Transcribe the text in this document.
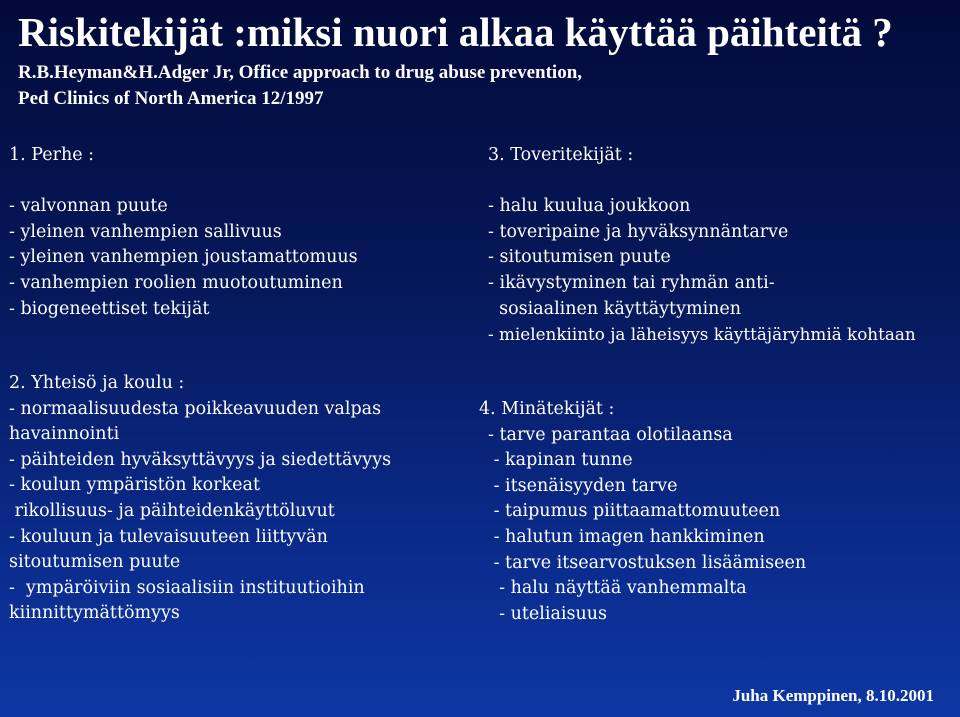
Riskitekijät :miksi nuori alkaa käyttää päihteitä ?
R.B.Heyman&H.Adger Jr, Office approach to drug abuse prevention,
Ped Clinics of North America 12/1997
1. Perhe :
- valvonnan puute
- yleinen vanhempien sallivuus
- yleinen vanhempien joustamattomuus
- vanhempien roolien muotoutuminen
- biogeneettiset tekijät
2. Yhteisö ja koulu :
- normaalisuudesta poikkeavuuden valpas
havainnointi
- päihteiden hyväksyttävyys ja siedettävyys
- koulun ympäristön korkeat
rikollisuus- ja päihteidenkäyttöluvut
- kouluun ja tulevaisuuteen liittyvän
sitoutumisen puute
-  ympäröiviin sosiaalisiin instituutioihin
kiinnittymättömyys
3. Toveritekijät :
- halu kuulua joukkoon
- toveripaine ja hyväksynnäntarve
- sitoutumisen puute
- ikävystyminen tai ryhmän anti-
sosiaalinen käyttäytyminen
- mielenkiinto ja läheisyys käyttäjäryhmiä kohtaan
4. Minätekijät :
- tarve parantaa olotilaansa
- kapinan tunne
- itsenäisyyden tarve
- taipumus piittaamattomuuteen
- halutun imagen hankkiminen
- tarve itsearvostuksen lisäämiseen
- halu näyttää vanhemmalta
- uteliaisuus
Juha Kemppinen, 8.10.2001
